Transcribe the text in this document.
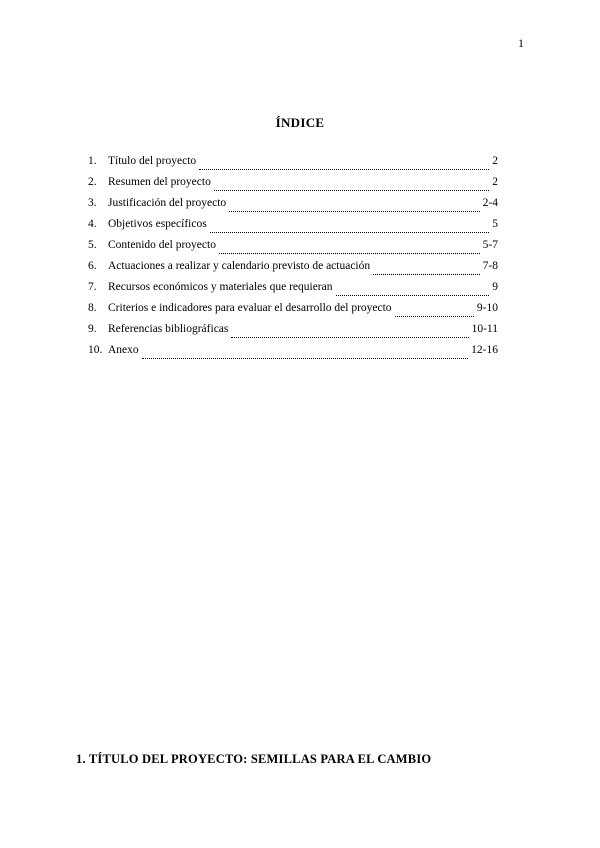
1
ÍNDICE
1. Título del proyecto	2
2. Resumen del proyecto	2
3. Justificación del proyecto	2-4
4. Objetivos específicos	5
5. Contenido del proyecto	5-7
6. Actuaciones a realizar y calendario previsto de actuación	7-8
7. Recursos económicos y materiales que requieran	9
8. Criterios e indicadores para evaluar el desarrollo del proyecto	9-10
9. Referencias bibliográficas	10-11
10. Anexo	12-16
1. TÍTULO DEL PROYECTO: SEMILLAS PARA EL CAMBIO
